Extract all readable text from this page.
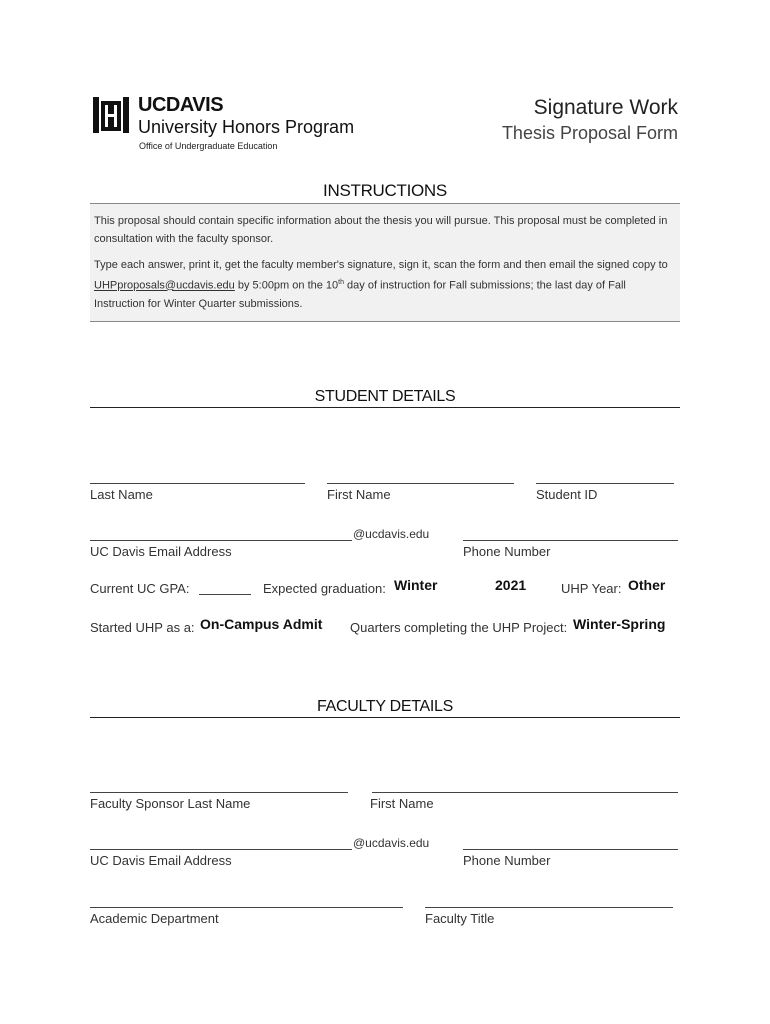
UCDAVIS
University Honors Program
Office of Undergraduate Education
Signature Work
Thesis Proposal Form
INSTRUCTIONS

This proposal should contain specific information about the thesis you will pursue. This proposal must be completed in consultation with the faculty sponsor.

Type each answer, print it, get the faculty member's signature, sign it, scan the form and then email the signed copy to UHPproposals@ucdavis.edu by 5:00pm on the 10th day of instruction for Fall submissions; the last day of Fall Instruction for Winter Quarter submissions.

STUDENT DETAILS
Last Name	First Name	Student ID
@ucdavis.edu
UC Davis Email Address	Phone Number
Current UC GPA:	Expected graduation: Winter	2021	UHP Year: Other
Started UHP as a: On-Campus Admit Quarters completing the UHP Project: Winter-Spring
FACULTY DETAILS
Faculty Sponsor Last Name	First Name
@ucdavis.edu
UC Davis Email Address	Phone Number
Academic Department	Faculty Title
